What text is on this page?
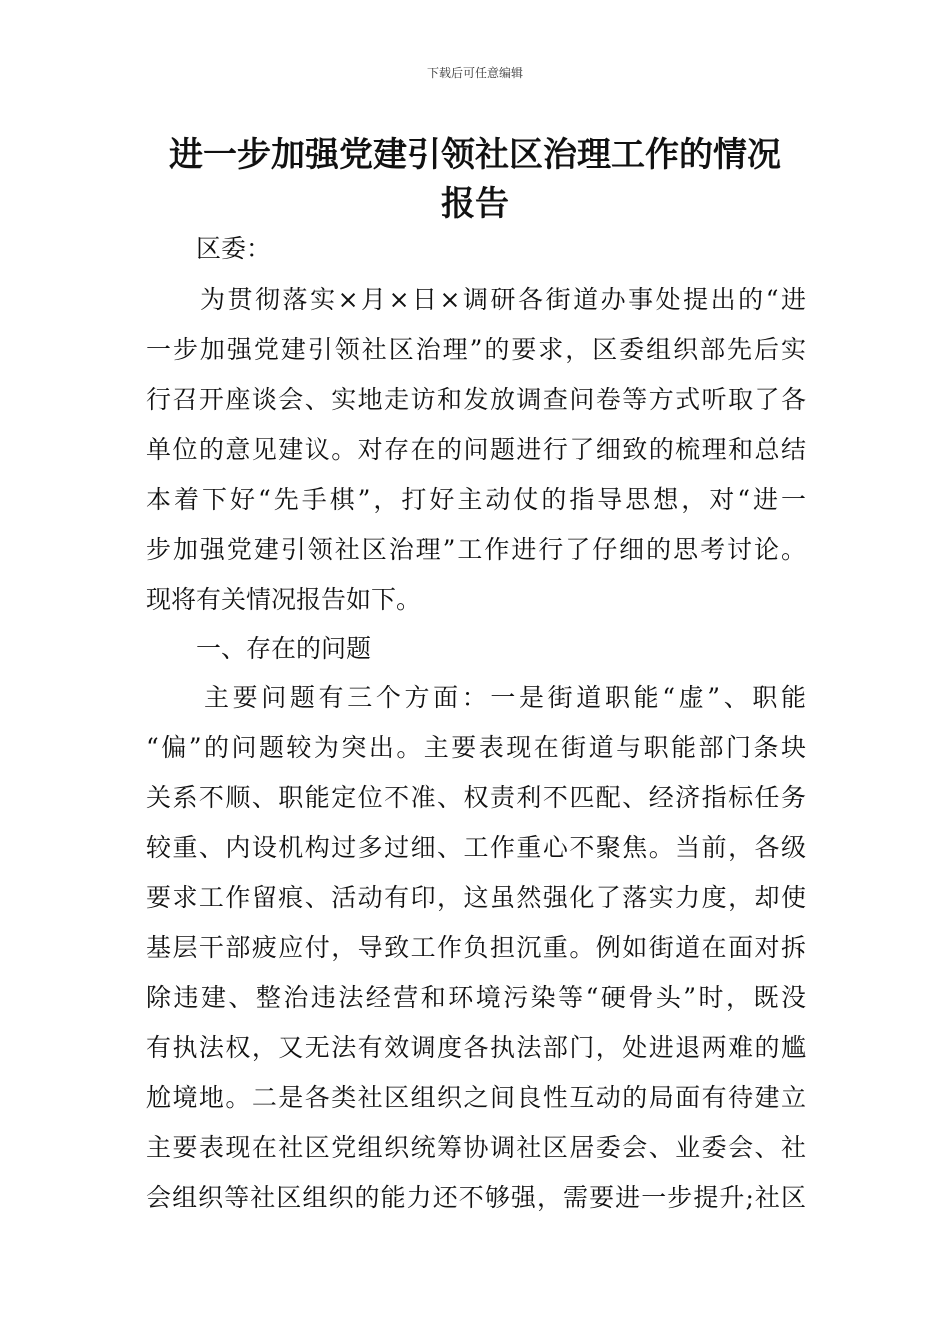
下载后可任意编辑
进一步加强党建引领社区治理工作的情况
报告
区委：
为贯彻落实×月×日×调研各街道办事处提出的“进
一步加强党建引领社区治理”的要求，区委组织部先后实
行召开座谈会、实地走访和发放调查问卷等方式听取了各
单位的意见建议。对存在的问题进行了细致的梳理和总结
本着下好“先手棋”，打好主动仗的指导思想，对“进一
步加强党建引领社区治理”工作进行了仔细的思考讨论。
现将有关情况报告如下。
一、存在的问题
主要问题有三个方面：一是街道职能“虚”、职能
“偏”的问题较为突出。主要表现在街道与职能部门条块
关系不顺、职能定位不准、权责利不匹配、经济指标任务
较重、内设机构过多过细、工作重心不聚焦。当前，各级
要求工作留痕、活动有印，这虽然强化了落实力度，却使
基层干部疲应付，导致工作负担沉重。例如街道在面对拆
除违建、整治违法经营和环境污染等“硬骨头”时，既没
有执法权，又无法有效调度各执法部门，处进退两难的尴
尬境地。二是各类社区组织之间良性互动的局面有待建立
主要表现在社区党组织统筹协调社区居委会、业委会、社
会组织等社区组织的能力还不够强，需要进一步提升;社区
